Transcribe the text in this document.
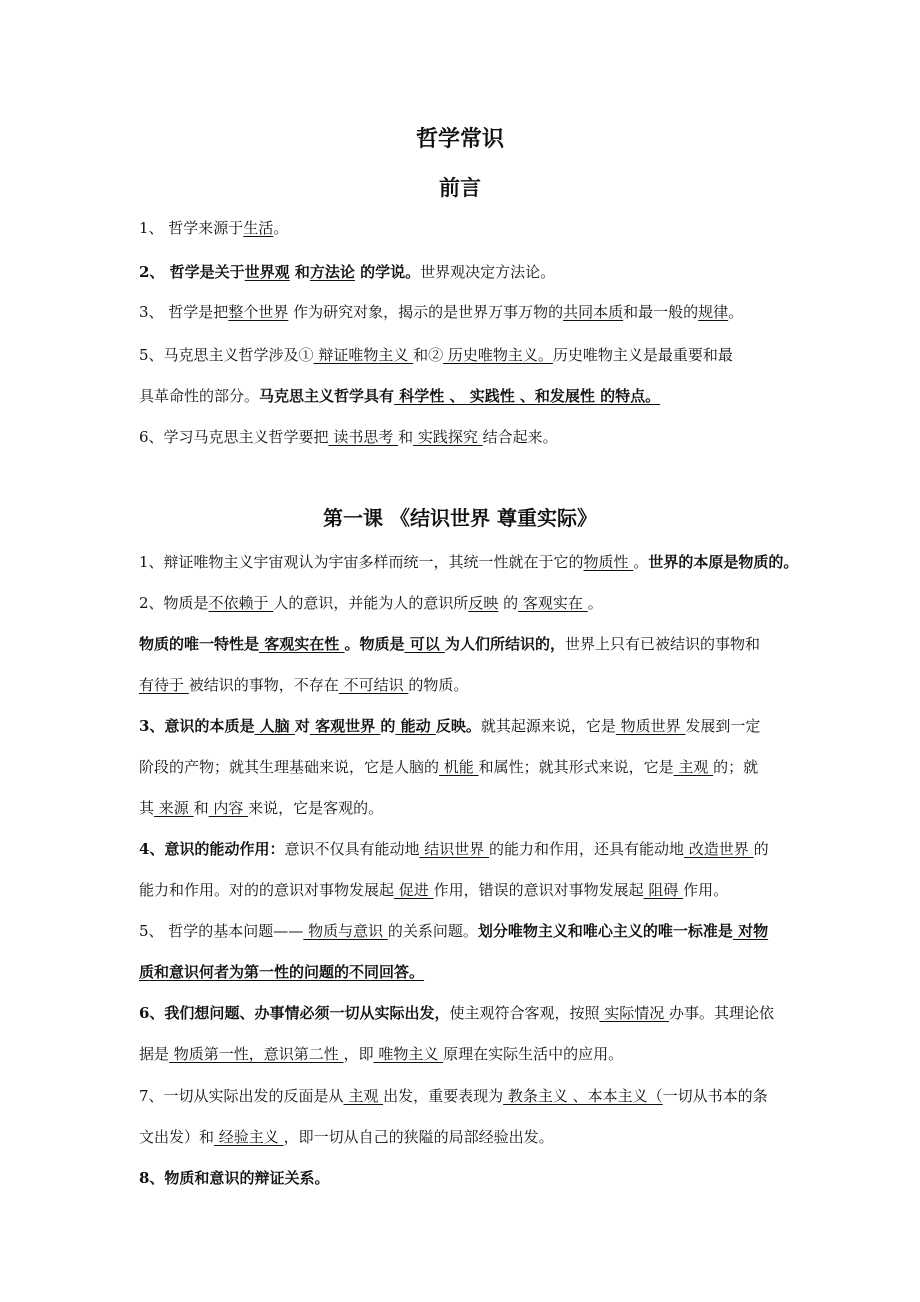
哲学常识
前言
第一课 《结识世界 尊重实际》
1、 哲学来源于生活。
2、 哲学是关于世界观 和方法论 的学说。世界观决定方法论。
3、 哲学是把整个世界 作为研究对象，揭示的是世界万事万物的共同本质和最一般的规律。
5、马克思主义哲学涉及① 辩证唯物主义 和② 历史唯物主义。历史唯物主义是最重要和最
具革命性的部分。马克思主义哲学具有 科学性 、 实践性 、和发展性 的特点。
6、学习马克思主义哲学要把 读书思考 和 实践探究 结合起来。
1、辩证唯物主义宇宙观认为宇宙多样而统一，其统一性就在于它的物质性 。世界的本原是物质的。
2、物质是不依赖于 人的意识，并能为人的意识所反映 的 客观实在 。
物质的唯一特性是 客观实在性 。物质是 可以 为人们所结识的，世界上只有已被结识的事物和
有待于 被结识的事物，不存在 不可结识 的物质。
3、意识的本质是 人脑 对 客观世界 的 能动 反映。就其起源来说，它是 物质世界 发展到一定
阶段的产物；就其生理基础来说，它是人脑的 机能 和属性；就其形式来说，它是 主观 的；就
其 来源 和 内容 来说，它是客观的。
4、意识的能动作用：意识不仅具有能动地 结识世界 的能力和作用，还具有能动地 改造世界 的
能力和作用。对的的意识对事物发展起 促进 作用，错误的意识对事物发展起 阻碍 作用。
5、 哲学的基本问题—— 物质与意识 的关系问题。划分唯物主义和唯心主义的唯一标准是 对物
质和意识何者为第一性的问题的不同回答。
6、我们想问题、办事情必须一切从实际出发，使主观符合客观，按照 实际情况 办事。其理论依
据是 物质第一性，意识第二性 ，即 唯物主义 原理在实际生活中的应用。
7、一切从实际出发的反面是从 主观 出发，重要表现为 教条主义 、本本主义（一切从书本的条
文出发）和 经验主义 ，即一切从自己的狭隘的局部经验出发。
8、物质和意识的辩证关系。
